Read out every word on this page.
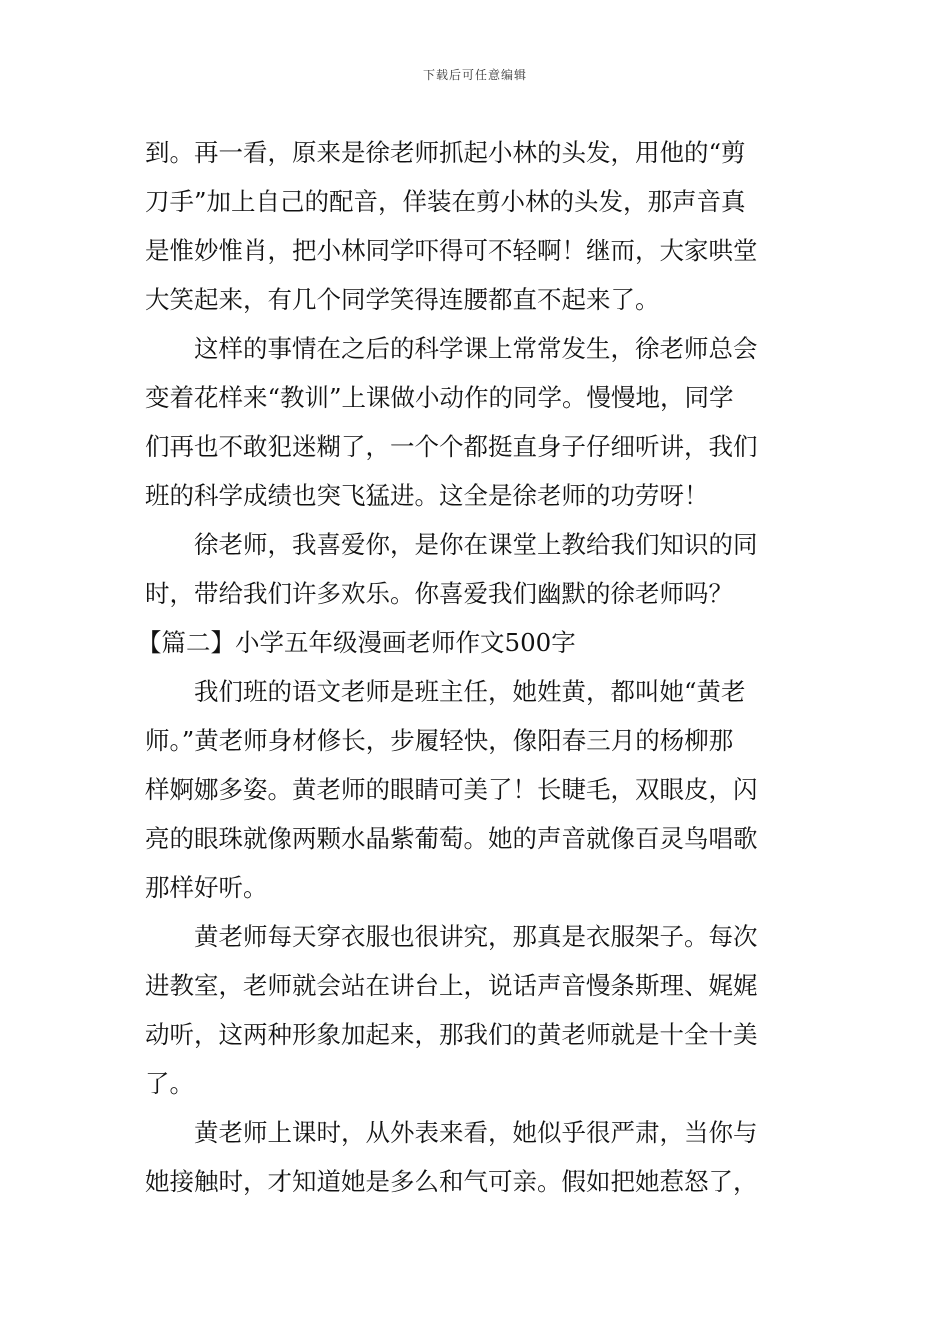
下载后可任意编辑

到。再一看，原来是徐老师抓起小林的头发，用他的“剪
刀手”加上自己的配音，佯装在剪小林的头发，那声音真
是惟妙惟肖，把小林同学吓得可不轻啊！继而，大家哄堂
大笑起来，有几个同学笑得连腰都直不起来了。

这样的事情在之后的科学课上常常发生，徐老师总会
变着花样来“教训”上课做小动作的同学。慢慢地，同学
们再也不敢犯迷糊了，一个个都挺直身子仔细听讲，我们
班的科学成绩也突飞猛进。这全是徐老师的功劳呀！

徐老师，我喜爱你，是你在课堂上教给我们知识的同
时，带给我们许多欢乐。你喜爱我们幽默的徐老师吗？

【篇二】小学五年级漫画老师作文500字

我们班的语文老师是班主任，她姓黄，都叫她“黄老
师。”黄老师身材修长，步履轻快，像阳春三月的杨柳那
样婀娜多姿。黄老师的眼睛可美了！长睫毛，双眼皮，闪
亮的眼珠就像两颗水晶紫葡萄。她的声音就像百灵鸟唱歌
那样好听。

黄老师每天穿衣服也很讲究，那真是衣服架子。每次
进教室，老师就会站在讲台上，说话声音慢条斯理、娓娓
动听，这两种形象加起来，那我们的黄老师就是十全十美
了。

黄老师上课时，从外表来看，她似乎很严肃，当你与
她接触时，才知道她是多么和气可亲。假如把她惹怒了，
